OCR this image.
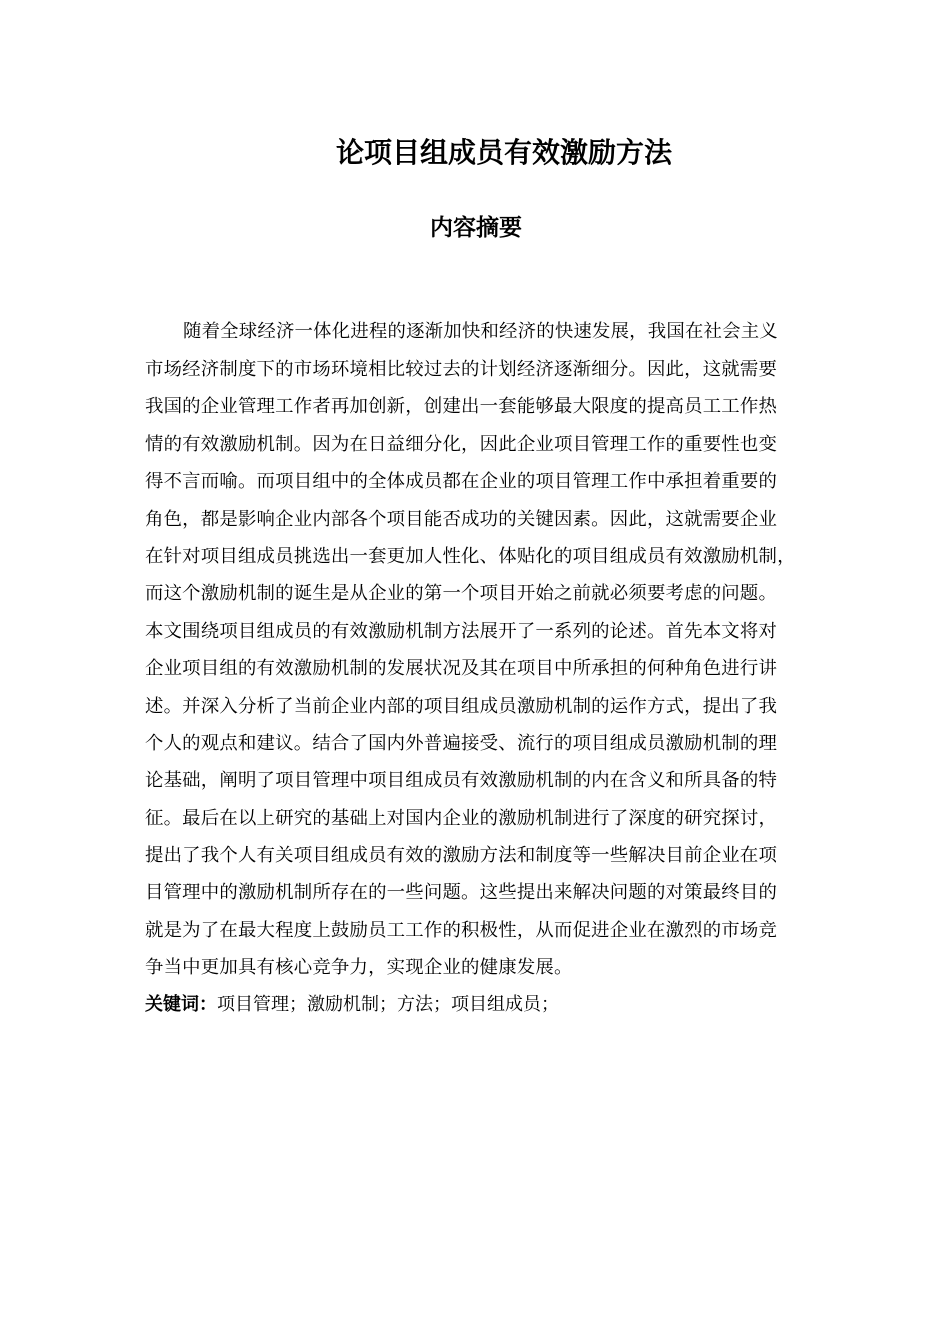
论项目组成员有效激励方法
内容摘要
随着全球经济一体化进程的逐渐加快和经济的快速发展，我国在社会主义
市场经济制度下的市场环境相比较过去的计划经济逐渐细分。因此，这就需要
我国的企业管理工作者再加创新，创建出一套能够最大限度的提高员工工作热
情的有效激励机制。因为在日益细分化，因此企业项目管理工作的重要性也变
得不言而喻。而项目组中的全体成员都在企业的项目管理工作中承担着重要的
角色，都是影响企业内部各个项目能否成功的关键因素。因此，这就需要企业
在针对项目组成员挑选出一套更加人性化、体贴化的项目组成员有效激励机制，
而这个激励机制的诞生是从企业的第一个项目开始之前就必须要考虑的问题。
本文围绕项目组成员的有效激励机制方法展开了一系列的论述。首先本文将对
企业项目组的有效激励机制的发展状况及其在项目中所承担的何种角色进行讲
述。并深入分析了当前企业内部的项目组成员激励机制的运作方式，提出了我
个人的观点和建议。结合了国内外普遍接受、流行的项目组成员激励机制的理
论基础，阐明了项目管理中项目组成员有效激励机制的内在含义和所具备的特
征。最后在以上研究的基础上对国内企业的激励机制进行了深度的研究探讨，
提出了我个人有关项目组成员有效的激励方法和制度等一些解决目前企业在项
目管理中的激励机制所存在的一些问题。这些提出来解决问题的对策最终目的
就是为了在最大程度上鼓励员工工作的积极性，从而促进企业在激烈的市场竞
争当中更加具有核心竞争力，实现企业的健康发展。
关键词：项目管理；激励机制；方法；项目组成员；
